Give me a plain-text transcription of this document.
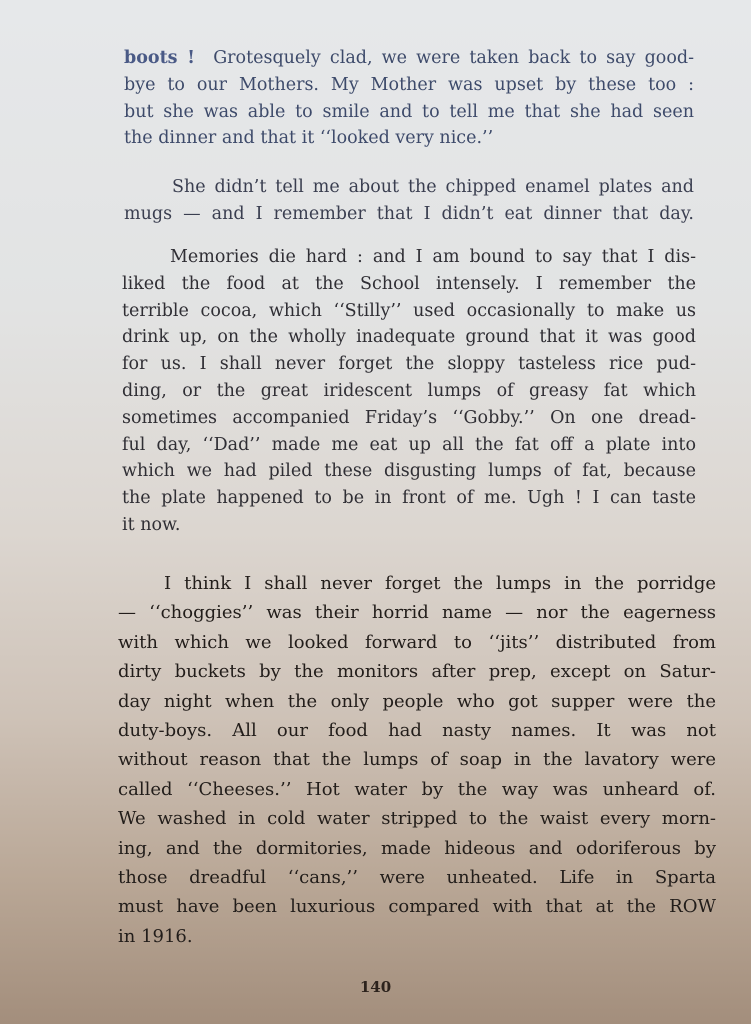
boots ! Grotesquely clad, we were taken back to say good-
bye to our Mothers. My Mother was upset by these too :
but she was able to smile and to tell me that she had seen
the dinner and that it ‘‘looked very nice.’’
She didn’t tell me about the chipped enamel plates and
mugs — and I remember that I didn’t eat dinner that day.
Memories die hard : and I am bound to say that I dis-
liked the food at the School intensely. I remember the
terrible cocoa, which ‘‘Stilly’’ used occasionally to make us
drink up, on the wholly inadequate ground that it was good
for us. I shall never forget the sloppy tasteless rice pud-
ding, or the great iridescent lumps of greasy fat which
sometimes accompanied Friday’s ‘‘Gobby.’’ On one dread-
ful day, ‘‘Dad’’ made me eat up all the fat off a plate into
which we had piled these disgusting lumps of fat, because
the plate happened to be in front of me. Ugh ! I can taste
it now.
I think I shall never forget the lumps in the porridge
— ‘‘choggies’’ was their horrid name — nor the eagerness
with which we looked forward to ‘‘jits’’ distributed from
dirty buckets by the monitors after prep, except on Satur-
day night when the only people who got supper were the
duty-boys. All our food had nasty names. It was not
without reason that the lumps of soap in the lavatory were
called ‘‘Cheeses.’’ Hot water by the way was unheard of.
We washed in cold water stripped to the waist every morn-
ing, and the dormitories, made hideous and odoriferous by
those dreadful ‘‘cans,’’ were unheated. Life in Sparta
must have been luxurious compared with that at the ROW
in 1916.
140
